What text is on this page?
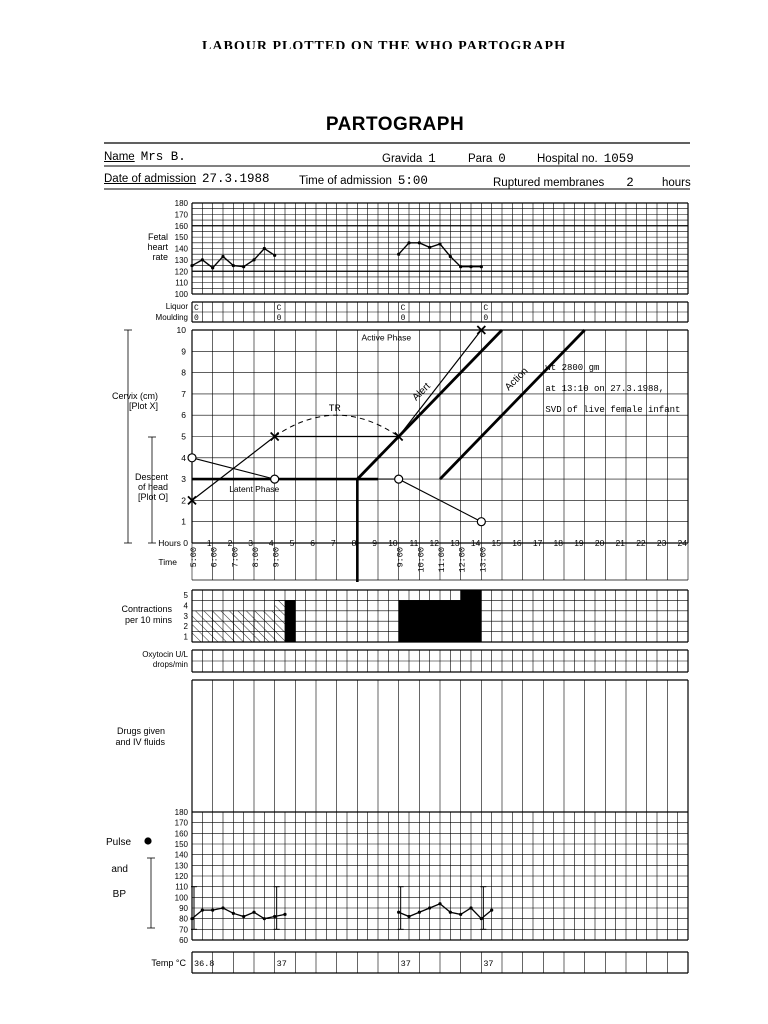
LABOUR PLOTTED ON THE WHO PARTOGRAPH
PARTOGRAPH
Name Mrs B.	Gravida 1	Para 0	Hospital no. 1059
Date of admission 27.3.1988	Time of admission 5:00	Ruptured membranes 2 hours
180
170
160
150
140
130
120
110
100
Fetal
heart
rate
Liquor
Moulding
10
9
8
7
6
5
4
3
2
1
Hours 0 1 2 3 4 5 6 7 8 9 10 11 12 13 14 15 16 17 18 19 20 21 22 23 24
Cervix (cm)
[Plot X]
Descent
of head
[Plot O]
Time
5
4
3
2
1
Contractions
per 10 mins
Oxytocin U/L
drops/min
Drugs given
and IV fluids
180
170
160
150
140
130
120
110
100
90
80
70
60
Pulse
and
BP
Temp °C
C	C	C	C
0	0	0	0
5:00 6:00 7:00 8:00 9:00	9:00 10:00 11:00 12:00 13:00
Alert	Action
Active Phase
Latent Phase
TR	SVD of live female infant
at 13:10 on 27.3.1988,
wt 2800 gm
36.8	37	37	37
